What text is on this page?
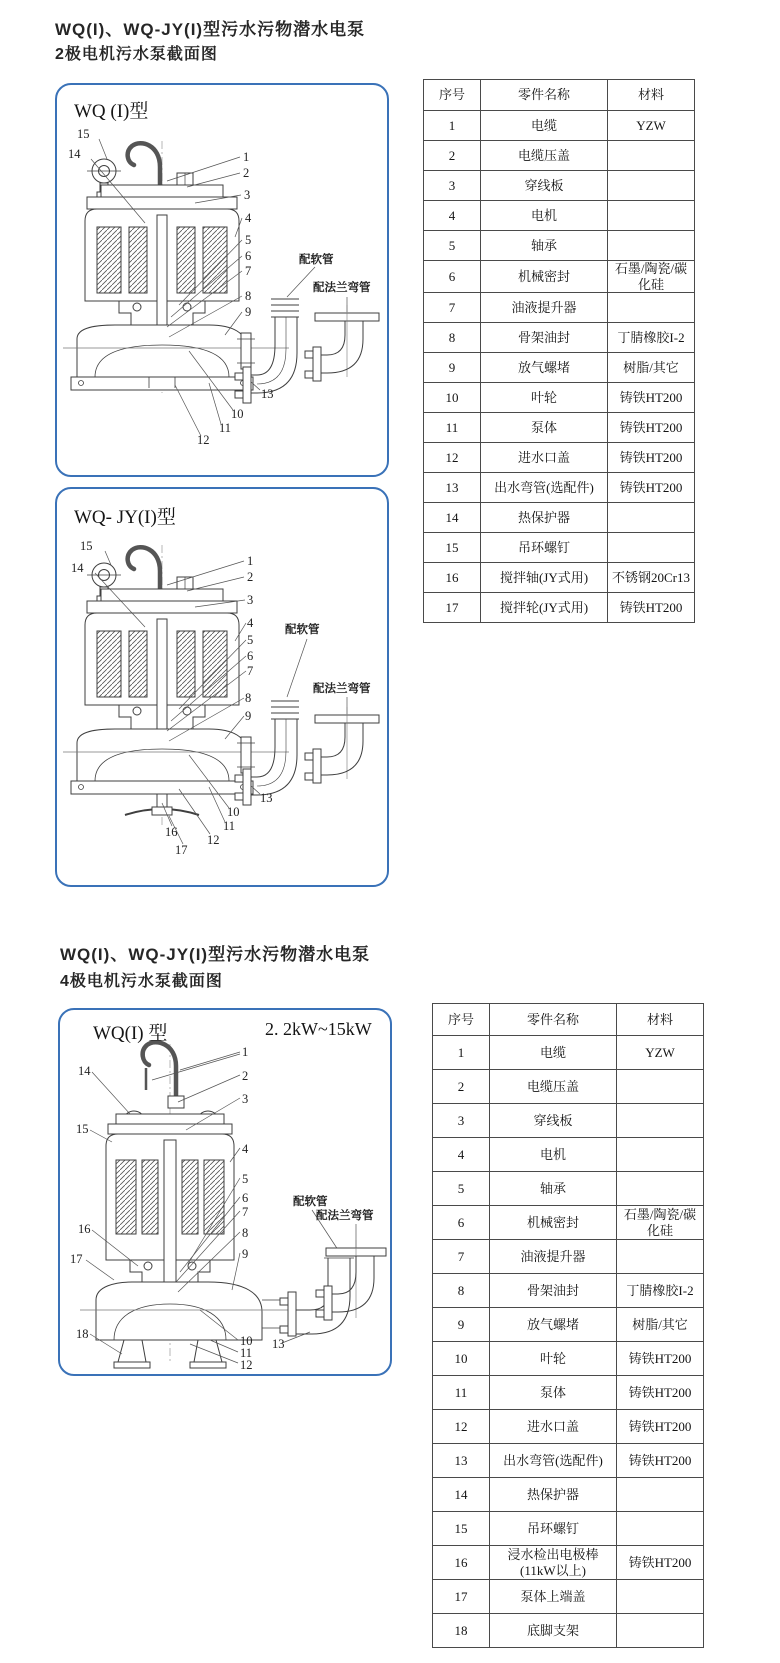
WQ(I)、WQ-JY(I)型污水污物潜水电泵
2极电机污水泵截面图
WQ (I)型
15
14	1
2
3
4
5
6
7
8
9
13
10
11
12
配软管
配法兰弯管
WQ- JY(I)型
15
14	1
2
3
4
5
6
7
8
9
13
10
11
16
12
17
配软管
配法兰弯管
序号	零件名称	材料
1	电缆	YZW
2	电缆压盖	
3	穿线板	
4	电机	
5	轴承	
6	机械密封	石墨/陶瓷/碳化硅
7	油液提升器	
8	骨架油封	丁腈橡胶I-2
9	放气螺堵	树脂/其它
10	叶轮	铸铁HT200
11	泵体	铸铁HT200
12	进水口盖	铸铁HT200
13	出水弯管(选配件)	铸铁HT200
14	热保护器	
15	吊环螺钉	
16	搅拌轴(JY式用)	不锈钢20Cr13
17	搅拌轮(JY式用)	铸铁HT200
WQ(I)、WQ-JY(I)型污水污物潜水电泵
4极电机污水泵截面图
WQ(I) 型	2. 2kW~15kW
1
14	2
3
15
4
5
6
7
8
16
9
17
18	10
11
12
13
配软管
配法兰弯管
序号	零件名称	材料
1	电缆	YZW
2	电缆压盖	
3	穿线板	
4	电机	
5	轴承	
6	机械密封	石墨/陶瓷/碳化硅
7	油液提升器	
8	骨架油封	丁腈橡胶I-2
9	放气螺堵	树脂/其它
10	叶轮	铸铁HT200
11	泵体	铸铁HT200
12	进水口盖	铸铁HT200
13	出水弯管(选配件)	铸铁HT200
14	热保护器	
15	吊环螺钉	
16	浸水检出电极棒(11kW以上)	铸铁HT200
17	泵体上端盖	
18	底脚支架	
